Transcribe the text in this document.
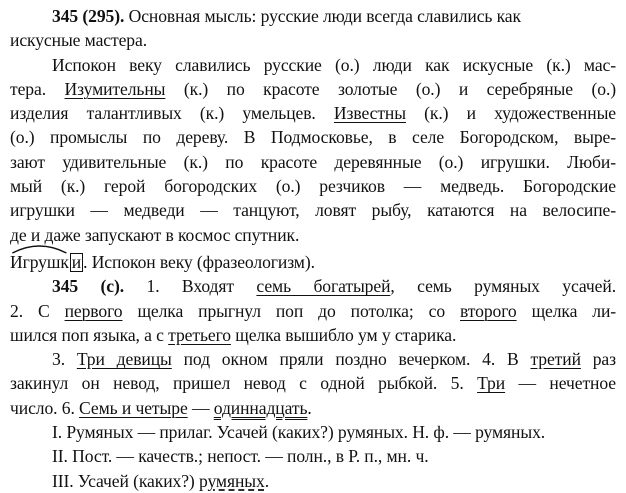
345 (295). Основная мысль: русские люди всегда славились как

искусные мастера.

Испокон веку славились русские (о.) люди как искусные (к.) мас-

тера. Изумительны (к.) по красоте золотые (о.) и серебряные (о.)

изделия талантливых (к.) умельцев. Известны (к.) и художественные

(о.) промыслы по дереву. В Подмосковье, в селе Богородском, выре-

зают удивительные (к.) по красоте деревянные (о.) игрушки. Люби-

мый (к.) герой богородских (о.) резчиков — медведь. Богородские

игрушки — медведи — танцуют, ловят рыбу, катаются на велосипе-

де и даже запускают в космос спутник.

Игрушк и . Испокон веку (фразеологизм).

345 (с). 1. Входят семь богатырей, семь румяных усачей.

2. С первого щелка прыгнул поп до потолка; со второго щелка ли-

шился поп языка, а с третьего щелка вышибло ум у старика.

3. Три девицы под окном пряли поздно вечерком. 4. В третий раз

закинул он невод, пришел невод с одной рыбкой. 5. Три — нечетное

число. 6. Семь и четыре — одиннадцать.

I. Румяных — прилаг. Усачей (каких?) румяных. Н. ф. — румяных.

II. Пост. — качеств.; непост. — полн., в Р. п., мн. ч.

III. Усачей (каких?) румяных.
